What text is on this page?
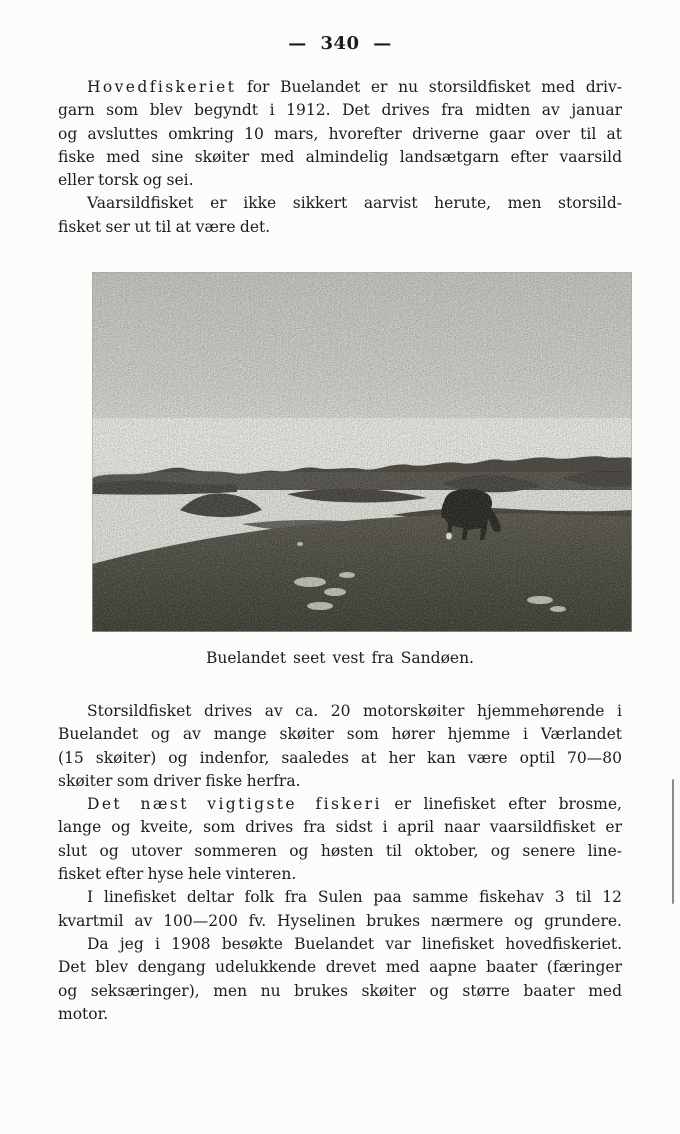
— 340 —
Hovedfiskeriet for Buelandet er nu storsildfisket med driv-
garn som blev begyndt i 1912. Det drives fra midten av januar
og avsluttes omkring 10 mars, hvorefter driverne gaar over til at
fiske med sine skøiter med almindelig landsætgarn efter vaarsild
eller torsk og sei.
Vaarsildfisket er ikke sikkert aarvist herute, men storsild-
fisket ser ut til at være det.
Buelandet seet vest fra Sandøen.
Storsildfisket drives av ca. 20 motorskøiter hjemmehørende i
Buelandet og av mange skøiter som hører hjemme i Værlandet
(15 skøiter) og indenfor, saaledes at her kan være optil 70—80
skøiter som driver fiske herfra.
Det næst vigtigste fiskeri er linefisket efter brosme,
lange og kveite, som drives fra sidst i april naar vaarsildfisket er
slut og utover sommeren og høsten til oktober, og senere line-
fisket efter hyse hele vinteren.
I linefisket deltar folk fra Sulen paa samme fiskehav 3 til 12
kvartmil av 100—200 fv. Hyselinen brukes nærmere og grundere.
Da jeg i 1908 besøkte Buelandet var linefisket hovedfiskeriet.
Det blev dengang udelukkende drevet med aapne baater (færinger
og seksæringer), men nu brukes skøiter og større baater med
motor.
